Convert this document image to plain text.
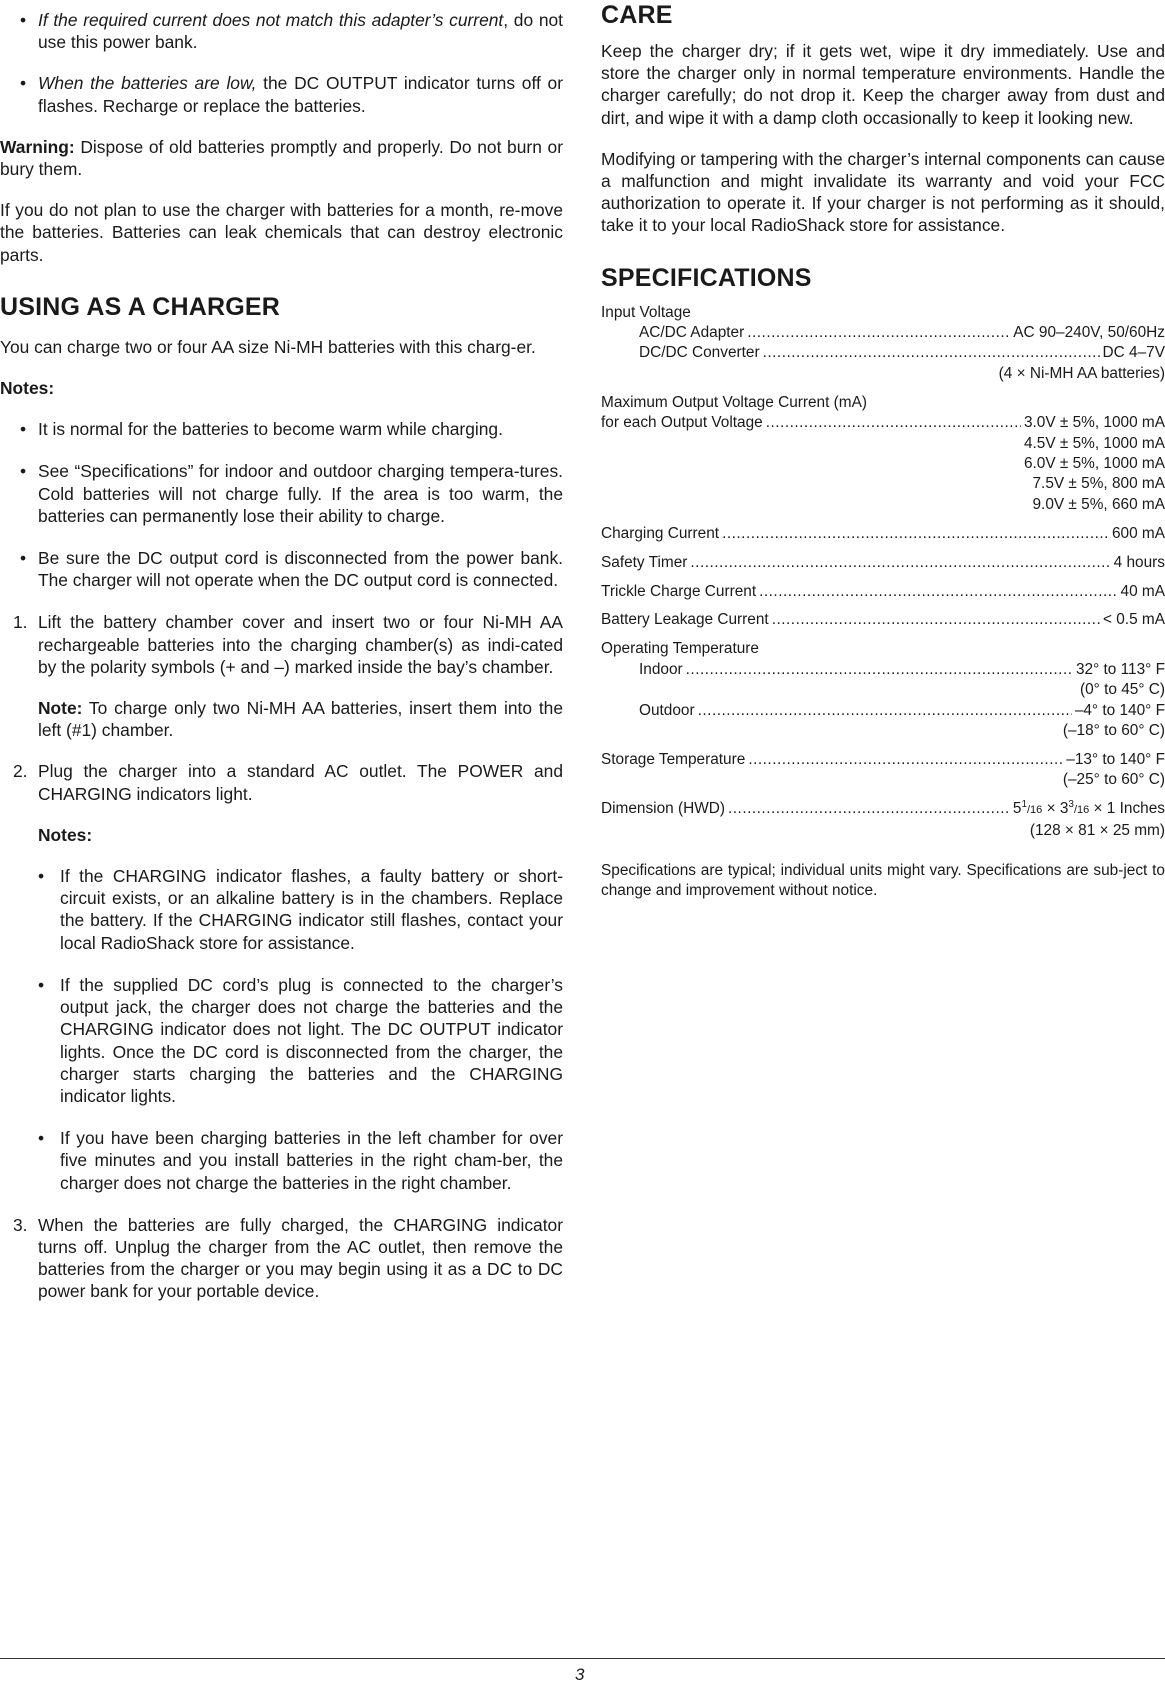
• If the required current does not match this adapter’s current, do not use this power bank.
• When the batteries are low, the DC OUTPUT indicator turns off or flashes. Recharge or replace the batteries.

Warning: Dispose of old batteries promptly and properly. Do not burn or bury them.

If you do not plan to use the charger with batteries for a month, re-move the batteries. Batteries can leak chemicals that can destroy electronic parts.

USING AS A CHARGER

You can charge two or four AA size Ni-MH batteries with this charg-er.

Notes:

• It is normal for the batteries to become warm while charging.
• See “Specifications” for indoor and outdoor charging tempera-tures. Cold batteries will not charge fully. If the area is too warm, the batteries can permanently lose their ability to charge.
• Be sure the DC output cord is disconnected from the power bank. The charger will not operate when the DC output cord is connected.
1. Lift the battery chamber cover and insert two or four Ni-MH AA rechargeable batteries into the charging chamber(s) as indi-cated by the polarity symbols (+ and –) marked inside the bay’s chamber.

Note: To charge only two Ni-MH AA batteries, insert them into the left (#1) chamber.

2. Plug the charger into a standard AC outlet. The POWER and CHARGING indicators light.

Notes:

• If the CHARGING indicator flashes, a faulty battery or short-circuit exists, or an alkaline battery is in the chambers. Replace the battery. If the CHARGING indicator still flashes, contact your local RadioShack store for assistance.
• If the supplied DC cord’s plug is connected to the charger’s output jack, the charger does not charge the batteries and the CHARGING indicator does not light. The DC OUTPUT indicator lights. Once the DC cord is disconnected from the charger, the charger starts charging the batteries and the CHARGING indicator lights.
• If you have been charging batteries in the left chamber for over five minutes and you install batteries in the right cham-ber, the charger does not charge the batteries in the right chamber.
3. When the batteries are fully charged, the CHARGING indicator turns off. Unplug the charger from the AC outlet, then remove the batteries from the charger or you may begin using it as a DC to DC power bank for your portable device.
CARE

Keep the charger dry; if it gets wet, wipe it dry immediately. Use and store the charger only in normal temperature environments. Handle the charger carefully; do not drop it. Keep the charger away from dust and dirt, and wipe it with a damp cloth occasionally to keep it looking new.

Modifying or tampering with the charger’s internal components can cause a malfunction and might invalidate its warranty and void your FCC authorization to operate it. If your charger is not performing as it should, take it to your local RadioShack store for assistance.

SPECIFICATIONS
Input Voltage
AC/DC Adapter .....	AC 90–240V, 50/60Hz
DC/DC Converter .....	DC 4–7V
(4 × Ni-MH AA batteries)
Maximum Output Voltage Current (mA)
for each Output Voltage .....	3.0V ± 5%, 1000 mA
4.5V ± 5%, 1000 mA
6.0V ± 5%, 1000 mA
7.5V ± 5%, 800 mA
9.0V ± 5%, 660 mA
Charging Current .....	600 mA
Safety Timer .....	4 hours
Trickle Charge Current .....	40 mA
Battery Leakage Current .....	< 0.5 mA
Operating Temperature
Indoor .....	32° to 113° F
(0° to 45° C)
Outdoor .....	–4° to 140° F
(–18° to 60° C)
Storage Temperature .....	–13° to 140° F
(–25° to 60° C)
Dimension (HWD) .....	$5^1/16 \times 3^3/16 \times 1$ Inches
(128 × 81 × 25 mm)
Specifications are typical; individual units might vary. Specifications are sub-ject to change and improvement without notice.
3
